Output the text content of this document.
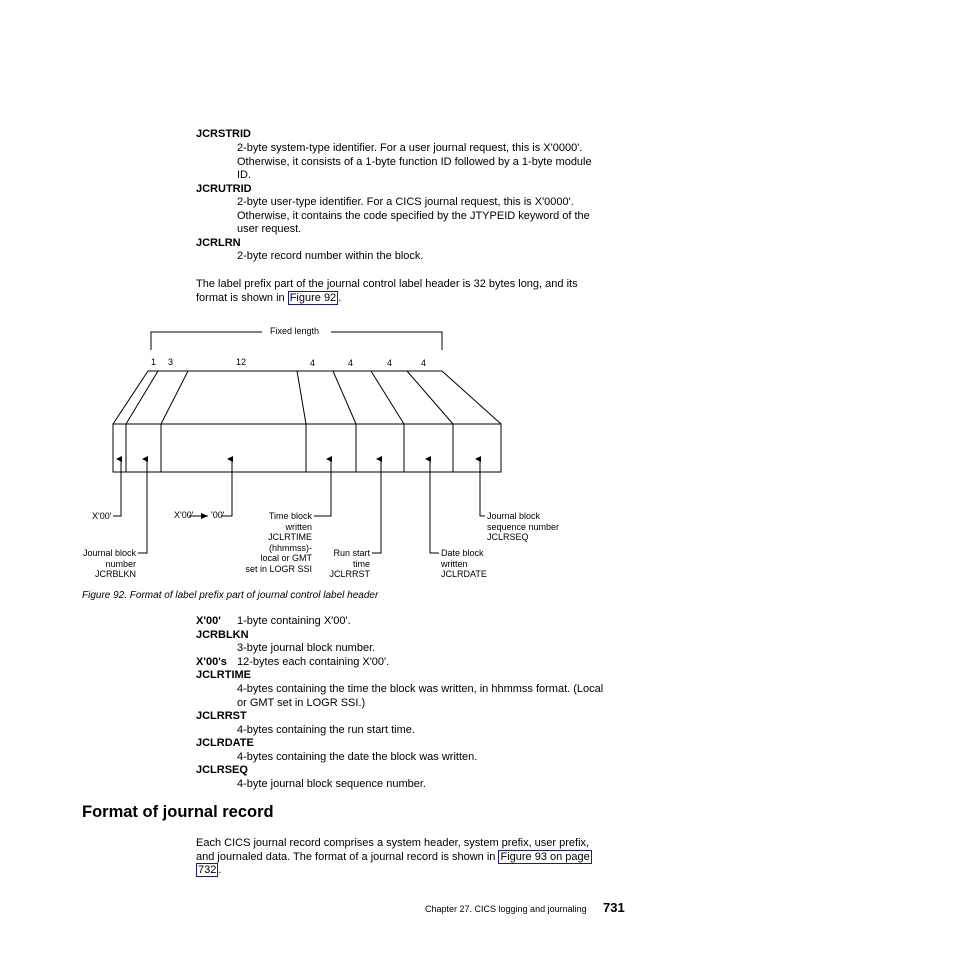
JCRSTRID
2-byte system-type identifier. For a user journal request, this is X'0000'.
Otherwise, it consists of a 1-byte function ID followed by a 1-byte module
ID.
JCRUTRID
2-byte user-type identifier. For a CICS journal request, this is X'0000'.
Otherwise, it contains the code specified by the JTYPEID keyword of the
user request.
JCRLRN
2-byte record number within the block.
The label prefix part of the journal control label header is 32 bytes long, and its
format is shown in Figure 92 .
Fixed length
1 3	12	4	4	4	4
X'00'	X'00' '00'
Journal block
number
JCRBLKN
Time block
written
JCLRTIME
(hhmmss)-
local or GMT
set in LOGR SSI
Run start
time
JCLRRST
Date block
written
JCLRDATE
Journal block
sequence number
JCLRSEQ
Figure 92. Format of label prefix part of journal control label header
X'00' 1-byte containing X'00'.
JCRBLKN
3-byte journal block number.
X'00's 12-bytes each containing X'00'.
JCLRTIME
4-bytes containing the time the block was written, in hhmmss format. (Local
or GMT set in LOGR SSI.)
JCLRRST
4-bytes containing the run start time.
JCLRDATE
4-bytes containing the date the block was written.
JCLRSEQ
4-byte journal block sequence number.
Format of journal record
Each CICS journal record comprises a system header, system prefix, user prefix,
and journaled data. The format of a journal record is shown in Figure 93 on page
732 .
Chapter 27. CICS logging and journaling 731
